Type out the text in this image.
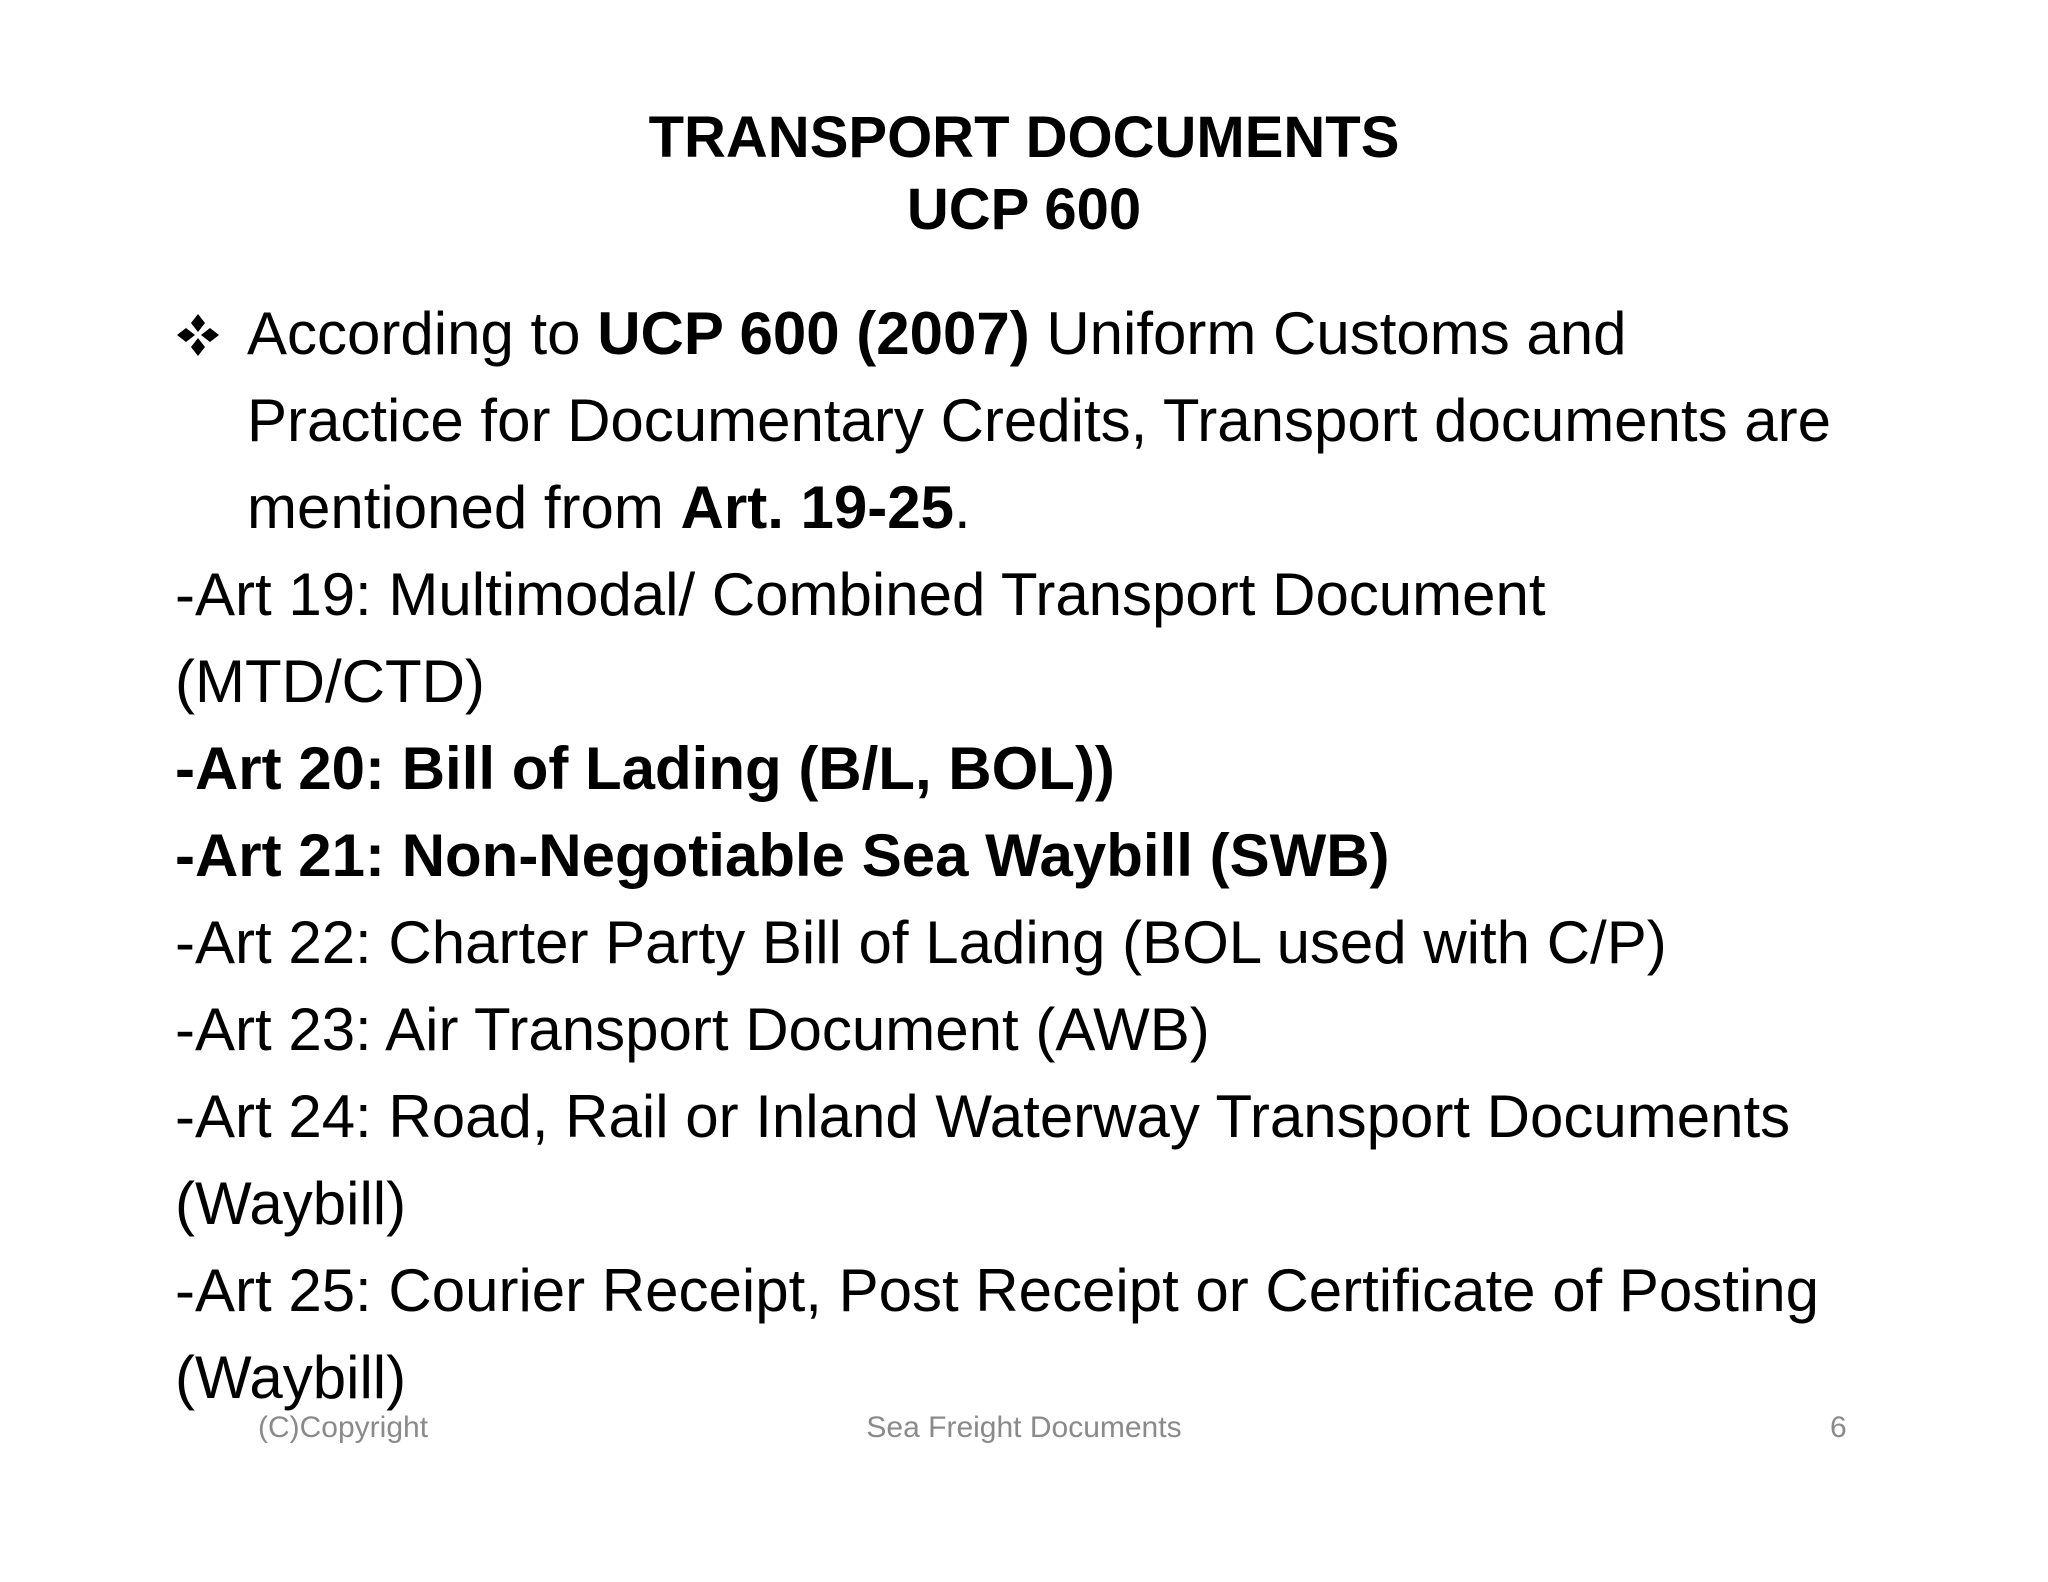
TRANSPORT DOCUMENTS
UCP 600
According to UCP 600 (2007) Uniform Customs and
Practice for Documentary Credits, Transport documents are
mentioned from Art. 19-25.
-Art 19: Multimodal/ Combined Transport Document
(MTD/CTD)
-Art 20: Bill of Lading (B/L, BOL))
-Art 21: Non-Negotiable Sea Waybill (SWB)
-Art 22: Charter Party Bill of Lading (BOL used with C/P)
-Art 23: Air Transport Document (AWB)
-Art 24: Road, Rail or Inland Waterway Transport Documents
(Waybill)
-Art 25: Courier Receipt, Post Receipt or Certificate of Posting
(Waybill)
(C)Copyright	Sea Freight Documents	6
